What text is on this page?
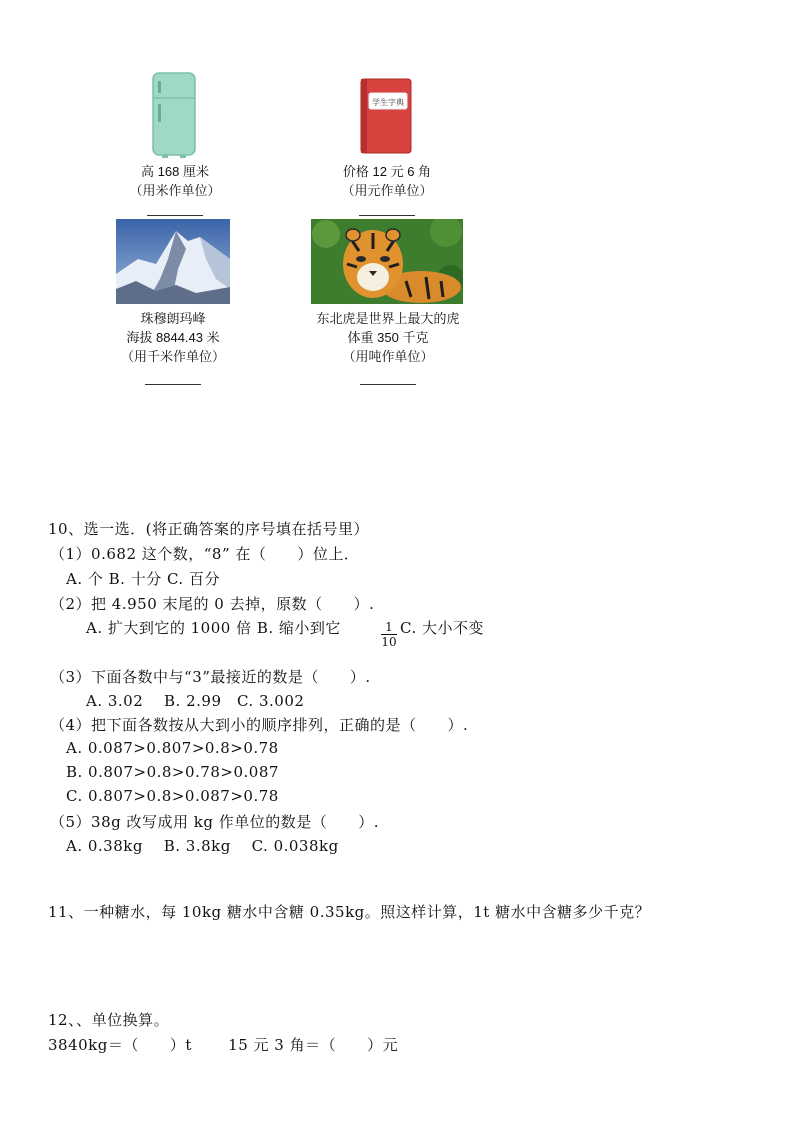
高 168 厘米
（用米作单位）
学生字典
价格 12 元 6 角
（用元作单位）
珠穆朗玛峰
海拔 8844.43 米
（用千米作单位）
东北虎是世界上最大的虎
体重 350 千克
（用吨作单位）
10、选一选．(将正确答案的序号填在括号里）
（1）0.682 这个数，“8” 在（　　）位上．
A. 个 B. 十分 C. 百分
（2）把 4.950 末尾的 0 去掉，原数（　　）.
A. 扩大到它的 1000 倍 B. 缩小到它	1
10
C. 大小不变
（3）下面各数中与“3”最接近的数是（　　）.
A. 3.02　 B. 2.99　C. 3.002
（4）把下面各数按从大到小的顺序排列，正确的是（　　）.
A. 0.087>0.807>0.8>0.78
B. 0.807>0.8>0.78>0.087
C. 0.807>0.8>0.087>0.78
（5）38g 改写成用 kg 作单位的数是（　　）.
A. 0.38kg　 B. 3.8kg　 C. 0.038kg
11、一种糖水，每 10kg 糖水中含糖 0.35kg。照这样计算，1t 糖水中含糖多少千克？
12、、单位换算。
3840kg＝（　　）t　　 15 元 3 角＝（　　）元
